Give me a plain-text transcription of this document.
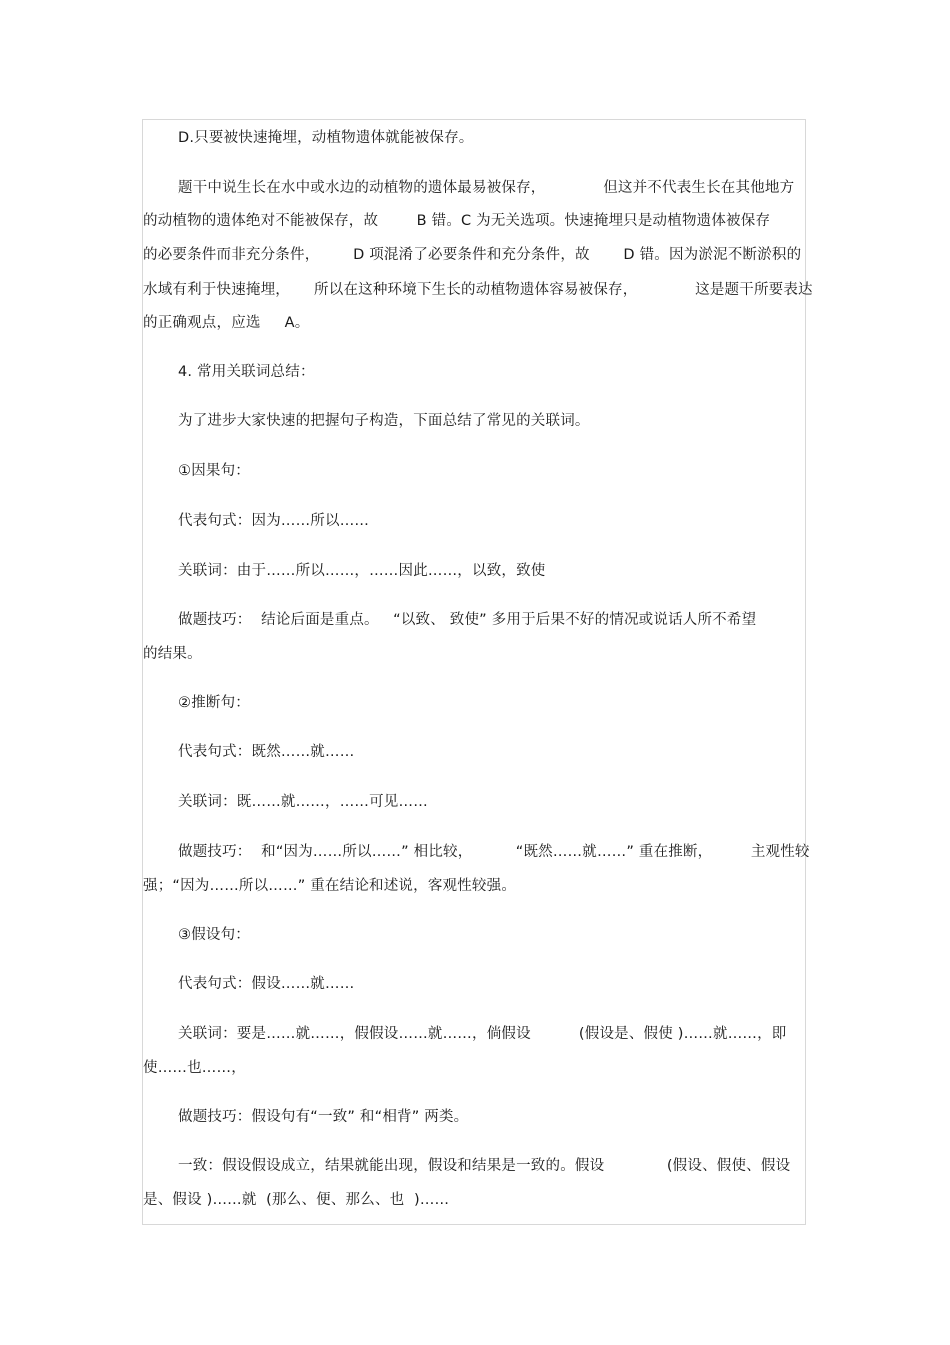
D.只要被快速掩埋，动植物遗体就能被保存。
题干中说生长在水中或水边的动植物的遗体最易被保存，            但这并不代表生长在其他地方
的动植物的遗体绝对不能被保存，故        B 错。C 为无关选项。快速掩埋只是动植物遗体被保存
的必要条件而非充分条件，       D 项混淆了必要条件和充分条件，故       D 错。因为淤泥不断淤积的
水域有利于快速掩埋，     所以在这种环境下生长的动植物遗体容易被保存，            这是题干所要表达
的正确观点，应选     A。
4. 常用关联词总结：
为了进步大家快速的把握句子构造，下面总结了常见的关联词。
①因果句：
代表句式：因为……所以……
关联词：由于……所以……，……因此……，以致，致使
做题技巧：  结论后面是重点。   “以致、 致使” 多用于后果不好的情况或说话人所不希望
的结果。
②推断句：
代表句式：既然……就……
关联词：既……就……，……可见……
做题技巧：  和“因为……所以……” 相比较，         “既然……就……” 重在推断，        主观性较
强；“因为……所以……” 重在结论和述说，客观性较强。
③假设句：
代表句式：假设……就……
关联词：要是……就……，假假设……就……，倘假设          (假设是、假使 )……就……，即
使……也……，
做题技巧：假设句有“一致” 和“相背” 两类。
一致：假设假设成立，结果就能出现，假设和结果是一致的。假设             (假设、假使、假设
是、假设 )……就  (那么、便、那么、也  )……
